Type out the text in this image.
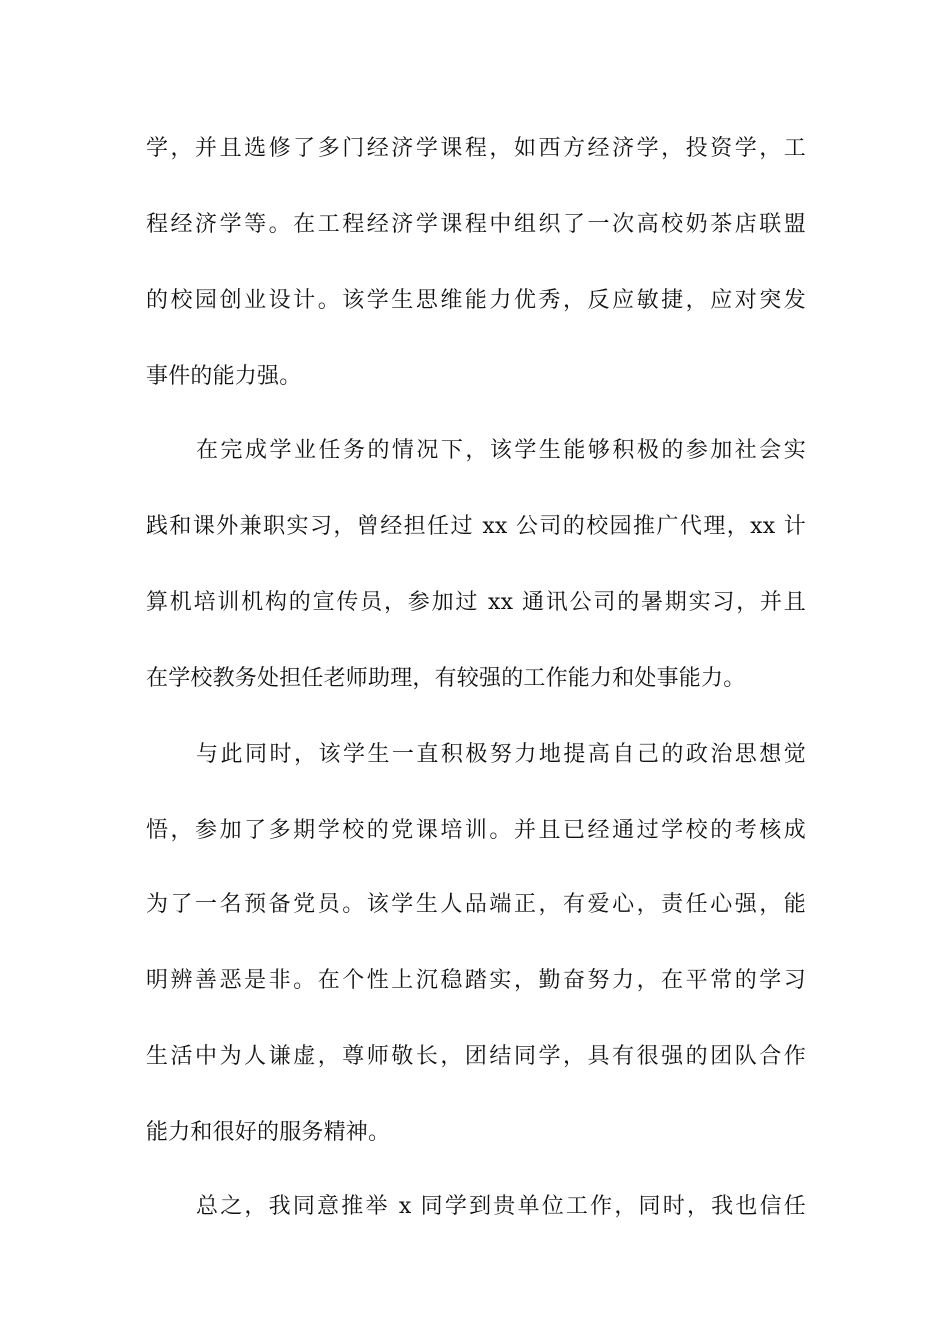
学，并且选修了多门经济学课程，如西方经济学，投资学，工
程经济学等。在工程经济学课程中组织了一次高校奶茶店联盟
的校园创业设计。该学生思维能力优秀，反应敏捷，应对突发
事件的能力强。
在完成学业任务的情况下，该学生能够积极的参加社会实
践和课外兼职实习，曾经担任过 xx 公司的校园推广代理，xx 计
算机培训机构的宣传员，参加过 xx 通讯公司的暑期实习，并且
在学校教务处担任老师助理，有较强的工作能力和处事能力。
与此同时，该学生一直积极努力地提高自己的政治思想觉
悟，参加了多期学校的党课培训。并且已经通过学校的考核成
为了一名预备党员。该学生人品端正，有爱心，责任心强，能
明辨善恶是非。在个性上沉稳踏实，勤奋努力，在平常的学习
生活中为人谦虚，尊师敬长，团结同学，具有很强的团队合作
能力和很好的服务精神。
总之，我同意推举 x 同学到贵单位工作，同时，我也信任
